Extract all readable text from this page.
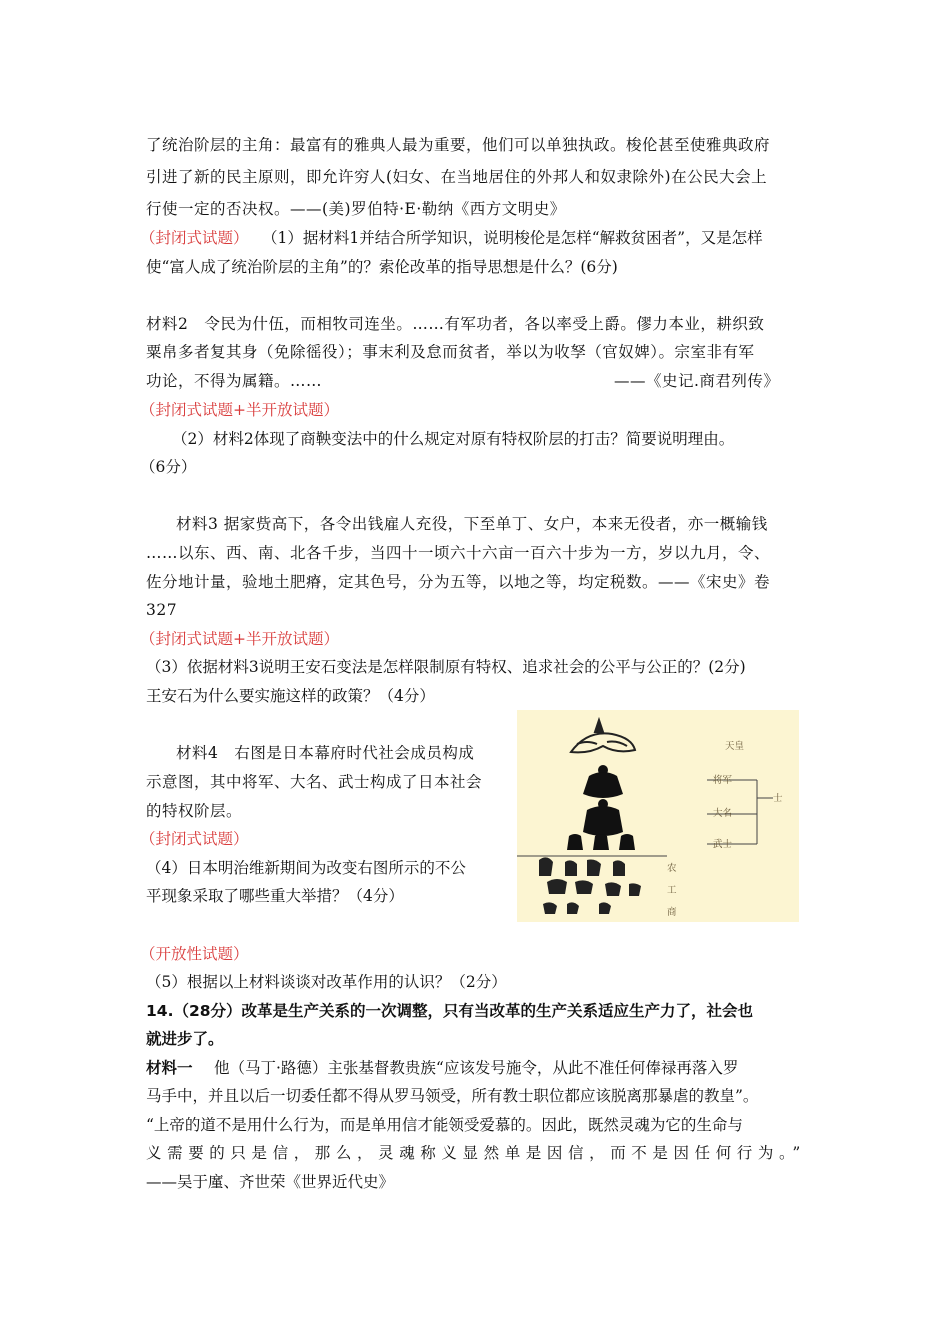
了统治阶层的主角：最富有的雅典人最为重要，他们可以单独执政。梭伦甚至使雅典政府
引进了新的民主原则，即允许穷人(妇女、在当地居住的外邦人和奴隶除外)在公民大会上
行使一定的否决权。——(美)罗伯特·E·勒纳《西方文明史》
（封闭式试题） （1）据材料1并结合所学知识，说明梭伦是怎样“解救贫困者”，又是怎样
使“富人成了统治阶层的主角”的？索伦改革的指导思想是什么？(6分)
材料2　令民为什伍，而相牧司连坐。……有军功者，各以率受上爵。僇力本业，耕织致
粟帛多者复其身（免除徭役）；事末利及怠而贫者，举以为收孥（官奴婢）。宗室非有军
功论，不得为属籍。……	——《史记.商君列传》
（封闭式试题+半开放试题）
（2）材料2体现了商鞅变法中的什么规定对原有特权阶层的打击？简要说明理由。
（6分）
材料3 据家赀高下，各令出钱雇人充役，下至单丁、女户，本来无役者，亦一概输钱
……以东、西、南、北各千步，当四十一顷六十六亩一百六十步为一方，岁以九月，令、
佐分地计量，验地土肥瘠，定其色号，分为五等，以地之等，均定税数。——《宋史》卷
327
（封闭式试题+半开放试题）
（3）依据材料3说明王安石变法是怎样限制原有特权、追求社会的公平与公正的？(2分)
王安石为什么要实施这样的政策？（4分）
材料4　右图是日本幕府时代社会成员构成
示意图，其中将军、大名、武士构成了日本社会
的特权阶层。
（封闭式试题）
（4）日本明治维新期间为改变右图所示的不公
平现象采取了哪些重大举措？（4分）
天皇
将军
大名
武士
士
农
工
商
（开放性试题）
（5）根据以上材料谈谈对改革作用的认识？（2分）
14.（28分）改革是生产关系的一次调整，只有当改革的生产关系适应生产力了，社会也
就进步了。
材料一 他（马丁·路德）主张基督教贵族“应该发号施令，从此不准任何俸禄再落入罗
马手中，并且以后一切委任都不得从罗马领受，所有教士职位都应该脱离那暴虐的教皇”。
“上帝的道不是用什么行为，而是单用信才能领受爱慕的。因此，既然灵魂为它的生命与
义需要的只是信，那么，灵魂称义显然单是因信，而不是因任何行为。”
——吴于廑、齐世荣《世界近代史》
